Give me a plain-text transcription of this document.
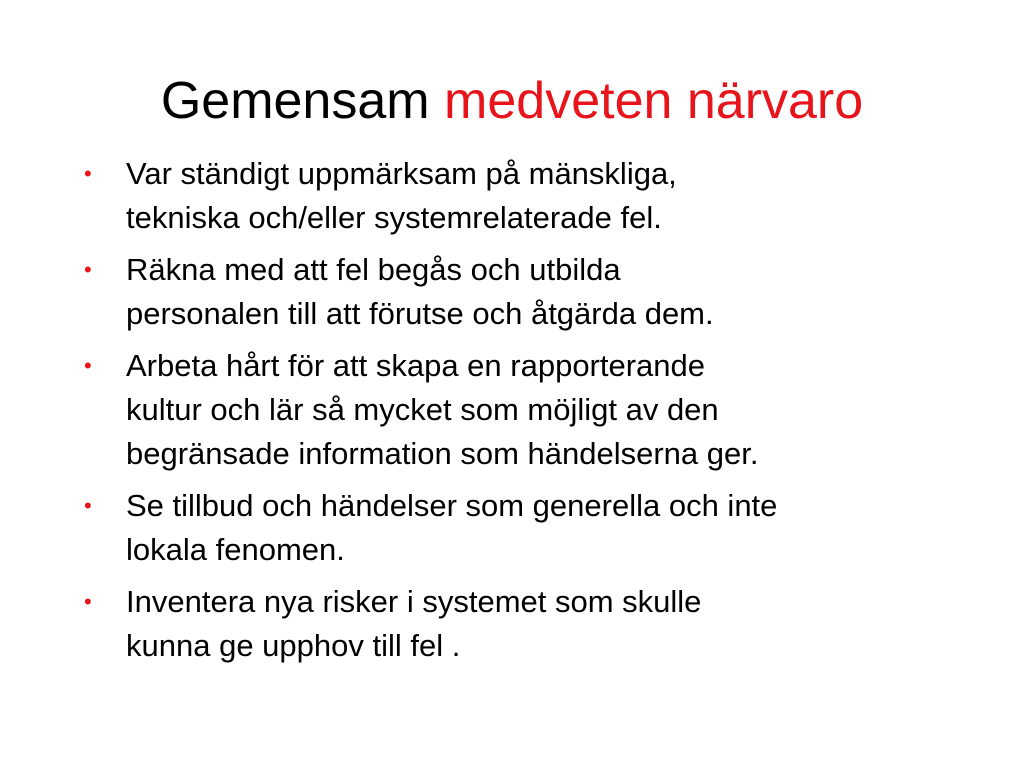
Gemensam medveten närvaro
• Var ständigt uppmärksam på mänskliga,
tekniska och/eller systemrelaterade fel.
• Räkna med att fel begås och utbilda
personalen till att förutse och åtgärda dem.
• Arbeta hårt för att skapa en rapporterande
kultur och lär så mycket som möjligt av den
begränsade information som händelserna ger.
• Se tillbud och händelser som generella och inte
lokala fenomen.
• Inventera nya risker i systemet som skulle
kunna ge upphov till fel .
